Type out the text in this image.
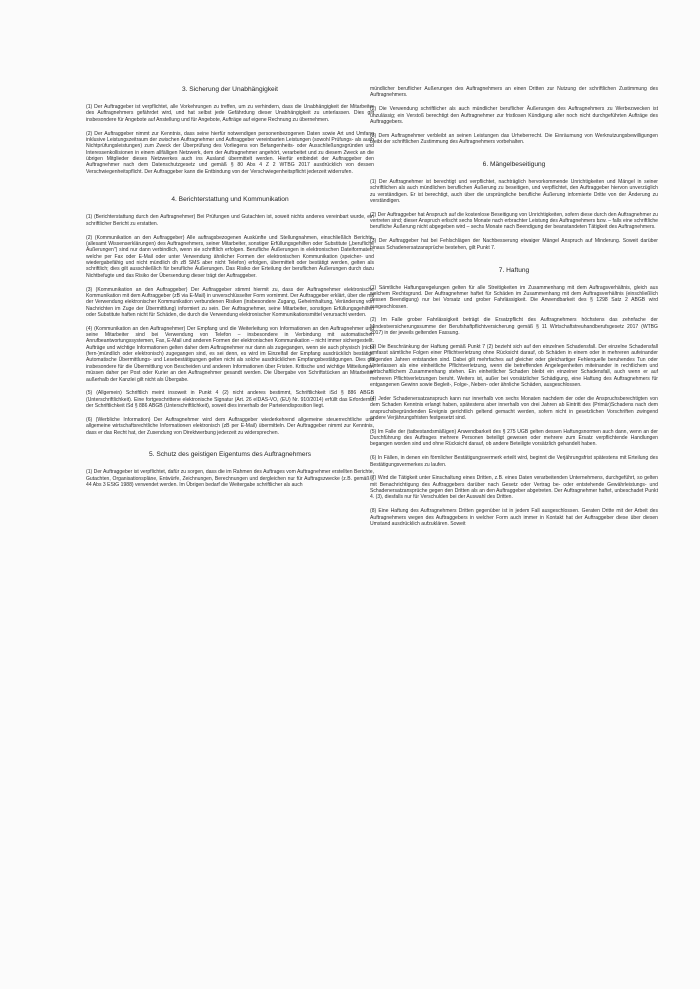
3. Sicherung der Unabhängigkeit

(1) Der Auftraggeber ist verpflichtet, alle Vorkehrungen zu treffen, um zu verhindern, dass die Unabhängigkeit der Mitarbeiter des Auftragnehmers gefährdet wird, und hat selbst jede Gefährdung dieser Unabhängigkeit zu unterlassen. Dies gilt insbesondere für Angebote auf Anstellung und für Angebote, Aufträge auf eigene Rechnung zu übernehmen.

(2) Der Auftraggeber nimmt zur Kenntnis, dass seine hierfür notwendigen personenbezogenen Daten sowie Art und Umfang inklusive Leistungszeitraum der zwischen Auftragnehmer und Auftraggeber vereinbarten Leistungen (sowohl Prüfungs- als auch Nichtprüfungsleistungen) zum Zweck der Überprüfung des Vorliegens von Befangenheits- oder Ausschließungsgründen und Interessenkollisionen in einem allfälligen Netzwerk, dem der Auftragnehmer angehört, verarbeitet und zu diesem Zweck an die übrigen Mitglieder dieses Netzwerkes auch ins Ausland übermittelt werden. Hierfür entbindet der Auftraggeber den Auftragnehmer nach dem Datenschutzgesetz und gemäß § 80 Abs 4 Z 2 WTBG 2017 ausdrücklich von dessen Verschwiegenheitspflicht. Der Auftraggeber kann die Entbindung von der Verschwiegenheitspflicht jederzeit widerrufen.

4. Berichterstattung und Kommunikation

(1) (Berichterstattung durch den Auftragnehmer) Bei Prüfungen und Gutachten ist, soweit nichts anderes vereinbart wurde, ein schriftlicher Bericht zu erstatten.

(2) (Kommunikation an den Auftraggeber) Alle auftragsbezogenen Auskünfte und Stellungnahmen, einschließlich Berichte, (allesamt Wissenserklärungen) des Auftragnehmers, seiner Mitarbeiter, sonstiger Erfüllungsgehilfen oder Substitute („berufliche Äußerungen") sind nur dann verbindlich, wenn sie schriftlich erfolgen. Berufliche Äußerungen in elektronischen Dateiformaten, welche per Fax oder E-Mail oder unter Verwendung ähnlicher Formen der elektronischen Kommunikation (speicher- und wiedergabefähig und nicht mündlich dh zB SMS aber nicht Telefon) erfolgen, übermittelt oder bestätigt werden, gelten als schriftlich; dies gilt ausschließlich für berufliche Äußerungen. Das Risiko der Erteilung der beruflichen Äußerungen durch dazu Nichtbefugte und das Risiko der Übersendung dieser trägt der Auftraggeber.

(3) (Kommunikation an den Auftraggeber) Der Auftraggeber stimmt hiermit zu, dass der Auftragnehmer elektronische Kommunikation mit dem Auftraggeber (zB via E-Mail) in unverschlüsselter Form vornimmt. Der Auftraggeber erklärt, über die mit der Verwendung elektronischer Kommunikation verbundenen Risiken (insbesondere Zugang, Geheimhaltung, Veränderung von Nachrichten im Zuge der Übermittlung) informiert zu sein. Der Auftragnehmer, seine Mitarbeiter, sonstigen Erfüllungsgehilfen oder Substitute haften nicht für Schäden, die durch die Verwendung elektronischer Kommunikationsmittel verursacht werden.

(4) (Kommunikation an den Auftragnehmer) Der Empfang und die Weiterleitung von Informationen an den Auftragnehmer und seine Mitarbeiter sind bei Verwendung von Telefon – insbesondere in Verbindung mit automatischen Anrufbeantwortungssystemen, Fax, E-Mail und anderen Formen der elektronischen Kommunikation – nicht immer sichergestellt. Aufträge und wichtige Informationen gelten daher dem Auftragnehmer nur dann als zugegangen, wenn sie auch physisch (nicht (fern-)mündlich oder elektronisch) zugegangen sind, es sei denn, es wird im Einzelfall der Empfang ausdrücklich bestätigt. Automatische Übermittlungs- und Lesebestätigungen gelten nicht als solche ausdrücklichen Empfangsbestätigungen. Dies gilt insbesondere für die Übermittlung von Bescheiden und anderen Informationen über Fristen. Kritische und wichtige Mitteilungen müssen daher per Post oder Kurier an den Auftragnehmer gesandt werden. Die Übergabe von Schriftstücken an Mitarbeiter außerhalb der Kanzlei gilt nicht als Übergabe.

(5) (Allgemein) Schriftlich meint insoweit in Punkt 4 (2) nicht anderes bestimmt, Schriftlichkeit iSd § 886 ABGB (Unterschriftlichkeit). Eine fortgeschrittene elektronische Signatur (Art. 26 eIDAS-VO, (EU) Nr. 910/2014) erfüllt das Erfordernis der Schriftlichkeit iSd § 886 ABGB (Unterschriftlichkeit), soweit dies innerhalb der Parteiendisposition liegt.

(6) (Werbliche Information) Der Auftragnehmer wird dem Auftraggeber wiederkehrend allgemeine steuerrechtliche und allgemeine wirtschaftsrechtliche Informationen elektronisch (zB per E-Mail) übermitteln. Der Auftraggeber nimmt zur Kenntnis, dass er das Recht hat, der Zusendung von Direktwerbung jederzeit zu widersprechen.

5. Schutz des geistigen Eigentums des Auftragnehmers

(1) Der Auftraggeber ist verpflichtet, dafür zu sorgen, dass die im Rahmen des Auftrages vom Auftragnehmer erstellten Berichte, Gutachten, Organisationspläne, Entwürfe, Zeichnungen, Berechnungen und dergleichen nur für Auftragszwecke (z.B. gemäß § 44 Abs 3 EStG 1988) verwendet werden. Im Übrigen bedarf die Weitergabe schriftlicher als auch

mündlicher beruflicher Äußerungen des Auftragnehmers an einen Dritten zur Nutzung der schriftlichen Zustimmung des Auftragnehmers.

(2) Die Verwendung schriftlicher als auch mündlicher beruflicher Äußerungen des Auftragnehmers zu Werbezwecken ist unzulässig; ein Verstoß berechtigt den Auftragnehmer zur fristlosen Kündigung aller noch nicht durchgeführten Aufträge des Auftraggebers.

(3) Dem Auftragnehmer verbleibt an seinen Leistungen das Urheberrecht. Die Einräumung von Werknutzungsbewilligungen bleibt der schriftlichen Zustimmung des Auftragnehmers vorbehalten.

6. Mängelbeseitigung

(1) Der Auftragnehmer ist berechtigt und verpflichtet, nachträglich hervorkommende Unrichtigkeiten und Mängel in seiner schriftlichen als auch mündlichen beruflichen Äußerung zu beseitigen, und verpflichtet, den Auftraggeber hiervon unverzüglich zu verständigen. Er ist berechtigt, auch über die ursprüngliche berufliche Äußerung informierte Dritte von der Änderung zu verständigen.

(2) Der Auftraggeber hat Anspruch auf die kostenlose Beseitigung von Unrichtigkeiten, sofern diese durch den Auftragnehmer zu vertreten sind; dieser Anspruch erlischt sechs Monate nach erbrachter Leistung des Auftragnehmers bzw. – falls eine schriftliche berufliche Äußerung nicht abgegeben wird – sechs Monate nach Beendigung der beanstandeten Tätigkeit des Auftragnehmers.

(3) Der Auftraggeber hat bei Fehlschlägen der Nachbesserung etwaiger Mängel Anspruch auf Minderung. Soweit darüber hinaus Schadenersatzansprüche bestehen, gilt Punkt 7.

7. Haftung

(1) Sämtliche Haftungsregelungen gelten für alle Streitigkeiten im Zusammenhang mit dem Auftragsverhältnis, gleich aus welchem Rechtsgrund. Der Auftragnehmer haftet für Schäden im Zusammenhang mit dem Auftragsverhältnis (einschließlich dessen Beendigung) nur bei Vorsatz und grober Fahrlässigkeit. Die Anwendbarkeit des § 1298 Satz 2 ABGB wird ausgeschlossen.

(2) Im Falle grober Fahrlässigkeit beträgt die Ersatzpflicht des Auftragnehmers höchstens das zehnfache der Mindestversicherungssumme der Berufshaftpflichtversicherung gemäß § 11 Wirtschaftstreuhandberufsgesetz 2017 (WTBG 2017) in der jeweils geltenden Fassung.

(3) Die Beschränkung der Haftung gemäß Punkt 7 (2) bezieht sich auf den einzelnen Schadensfall. Der einzelne Schadensfall umfasst sämtliche Folgen einer Pflichtverletzung ohne Rücksicht darauf, ob Schäden in einem oder in mehreren aufeinander folgenden Jahren entstanden sind. Dabei gilt mehrfaches auf gleicher oder gleichartiger Fehlerquelle beruhendes Tun oder Unterlassen als eine einheitliche Pflichtverletzung, wenn die betreffenden Angelegenheiten miteinander in rechtlichem und wirtschaftlichem Zusammenhang stehen. Ein einheitlicher Schaden bleibt ein einzelner Schadensfall, auch wenn er auf mehreren Pflichtverletzungen beruht. Weiters ist, außer bei vorsätzlicher Schädigung, eine Haftung des Auftragnehmers für entgangenen Gewinn sowie Begleit-, Folge-, Neben- oder ähnliche Schäden, ausgeschlossen.

(4) Jeder Schadenersatzanspruch kann nur innerhalb von sechs Monaten nachdem der oder die Anspruchsberechtigten von dem Schaden Kenntnis erlangt haben, spätestens aber innerhalb von drei Jahren ab Eintritt des (Primär)Schadens nach dem anspruchsbegründenden Ereignis gerichtlich geltend gemacht werden, sofern nicht in gesetzlichen Vorschriften zwingend andere Verjährungsfristen festgesetzt sind.

(5) Im Falle der (tatbestandsmäßigen) Anwendbarkeit des § 275 UGB gelten dessen Haftungsnormen auch dann, wenn an der Durchführung des Auftrages mehrere Personen beteiligt gewesen oder mehrere zum Ersatz verpflichtende Handlungen begangen worden sind und ohne Rücksicht darauf, ob andere Beteiligte vorsätzlich gehandelt haben.

(6) In Fällen, in denen ein förmlicher Bestätigungsvermerk erteilt wird, beginnt die Verjährungsfrist spätestens mit Erteilung des Bestätigungsvermerkes zu laufen.

(7) Wird die Tätigkeit unter Einschaltung eines Dritten, z.B. eines Daten verarbeitenden Unternehmens, durchgeführt, so gelten mit Benachrichtigung des Auftraggebers darüber nach Gesetz oder Vertrag be- oder entstehende Gewährleistungs- und Schadenersatzansprüche gegen den Dritten als an den Auftraggeber abgetreten. Der Auftragnehmer haftet, unbeschadet Punkt 4. (3), diesfalls nur für Verschulden bei der Auswahl des Dritten.

(8) Eine Haftung des Auftragnehmers Dritten gegenüber ist in jedem Fall ausgeschlossen. Geraten Dritte mit der Arbeit des Auftragnehmers wegen des Auftraggebers in welcher Form auch immer in Kontakt hat der Auftraggeber diese über diesen Umstand ausdrücklich aufzuklären. Soweit
